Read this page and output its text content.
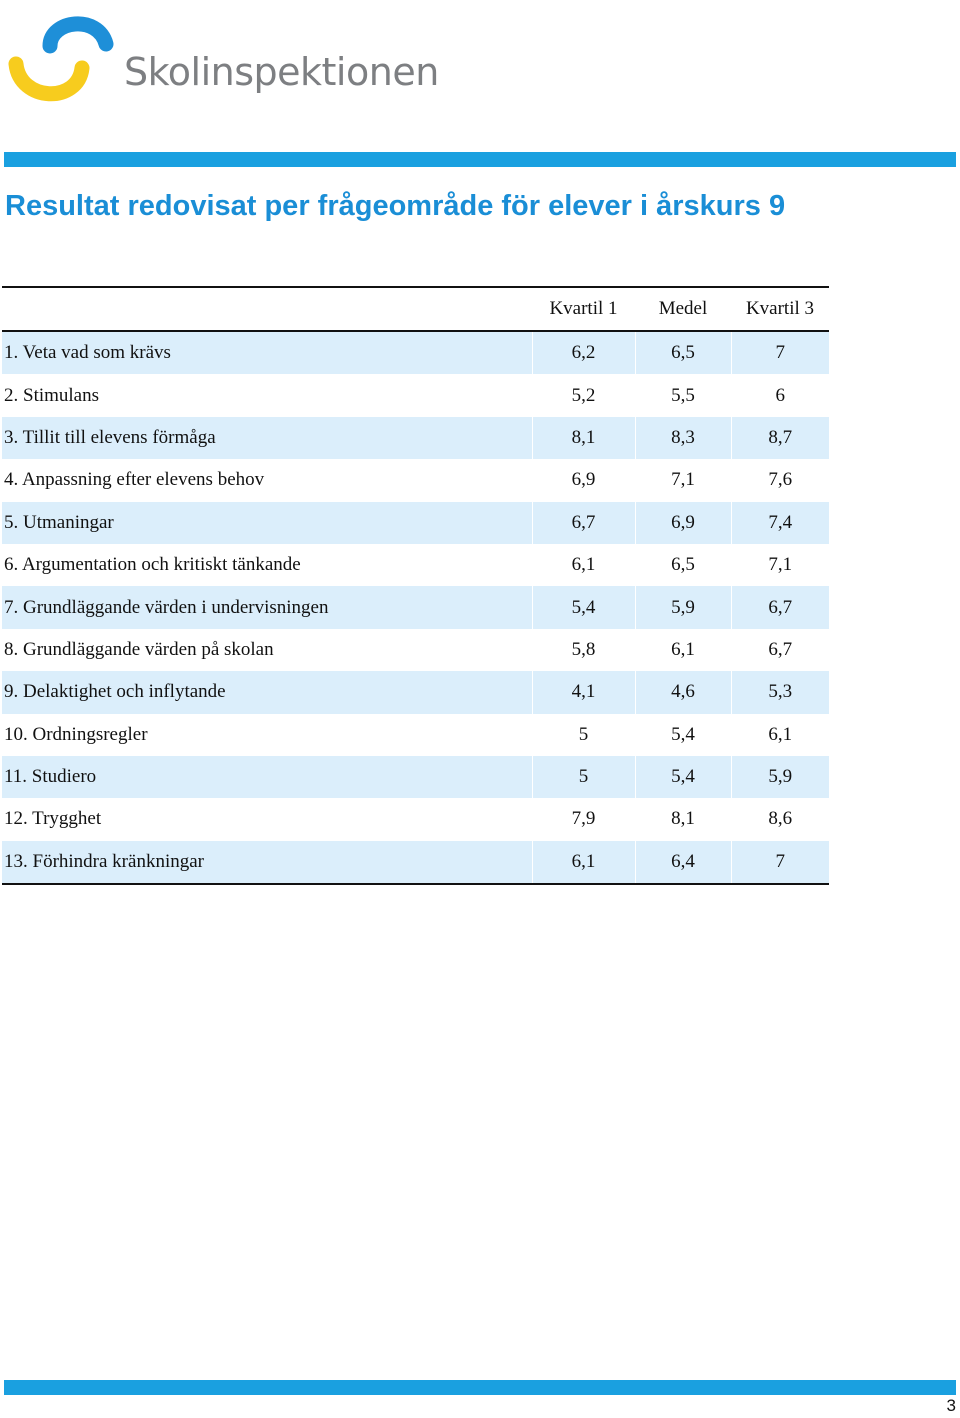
Skolinspektionen
Resultat redovisat per frågeområde för elever i årskurs 9
	Kvartil 1	Medel	Kvartil 3
1. Veta vad som krävs	6,2	6,5	7
2. Stimulans	5,2	5,5	6
3. Tillit till elevens förmåga	8,1	8,3	8,7
4. Anpassning efter elevens behov	6,9	7,1	7,6
5. Utmaningar	6,7	6,9	7,4
6. Argumentation och kritiskt tänkande	6,1	6,5	7,1
7. Grundläggande värden i undervisningen	5,4	5,9	6,7
8. Grundläggande värden på skolan	5,8	6,1	6,7
9. Delaktighet och inflytande	4,1	4,6	5,3
10. Ordningsregler	5	5,4	6,1
11. Studiero	5	5,4	5,9
12. Trygghet	7,9	8,1	8,6
13. Förhindra kränkningar	6,1	6,4	7
3
